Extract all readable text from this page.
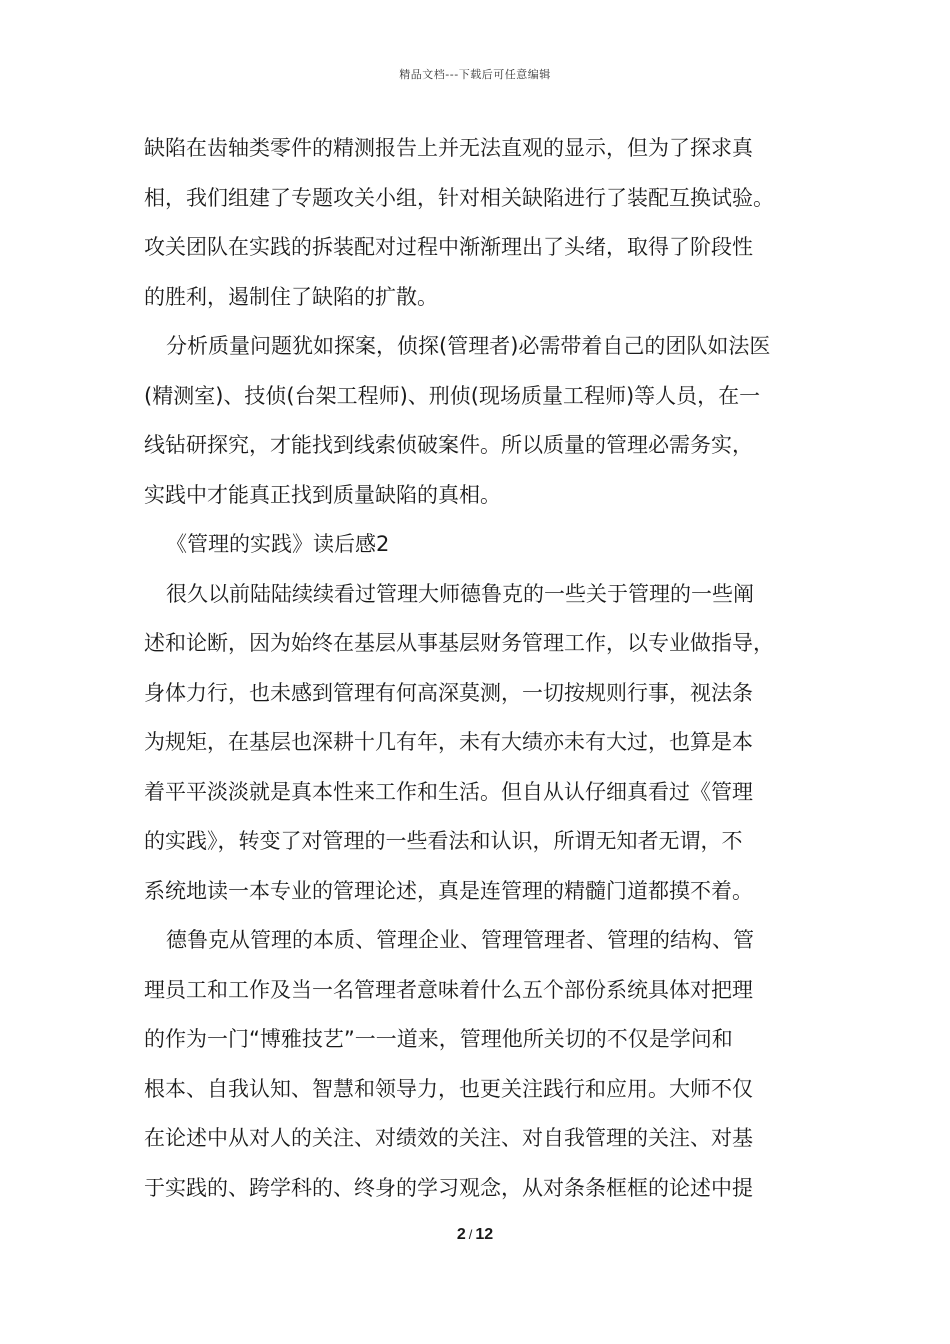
精品文档---下载后可任意编辑
缺陷在齿轴类零件的精测报告上并无法直观的显示，但为了探求真
相，我们组建了专题攻关小组，针对相关缺陷进行了装配互换试验。
攻关团队在实践的拆装配对过程中渐渐理出了头绪，取得了阶段性
的胜利，遏制住了缺陷的扩散。
分析质量问题犹如探案，侦探(管理者)必需带着自己的团队如法医
(精测室)、技侦(台架工程师)、刑侦(现场质量工程师)等人员，在一
线钻研探究，才能找到线索侦破案件。所以质量的管理必需务实，
实践中才能真正找到质量缺陷的真相。
《管理的实践》读后感2
很久以前陆陆续续看过管理大师德鲁克的一些关于管理的一些阐
述和论断，因为始终在基层从事基层财务管理工作，以专业做指导，
身体力行，也未感到管理有何高深莫测，一切按规则行事，视法条
为规矩，在基层也深耕十几有年，未有大绩亦未有大过，也算是本
着平平淡淡就是真本性来工作和生活。但自从认仔细真看过《管理
的实践》，转变了对管理的一些看法和认识，所谓无知者无谓，不
系统地读一本专业的管理论述，真是连管理的精髓门道都摸不着。
德鲁克从管理的本质、管理企业、管理管理者、管理的结构、管
理员工和工作及当一名管理者意味着什么五个部份系统具体对把理
的作为一门“博雅技艺”一一道来，管理他所关切的不仅是学问和
根本、自我认知、智慧和领导力，也更关注践行和应用。大师不仅
在论述中从对人的关注、对绩效的关注、对自我管理的关注、对基
于实践的、跨学科的、终身的学习观念，从对条条框框的论述中提
2 / 12
